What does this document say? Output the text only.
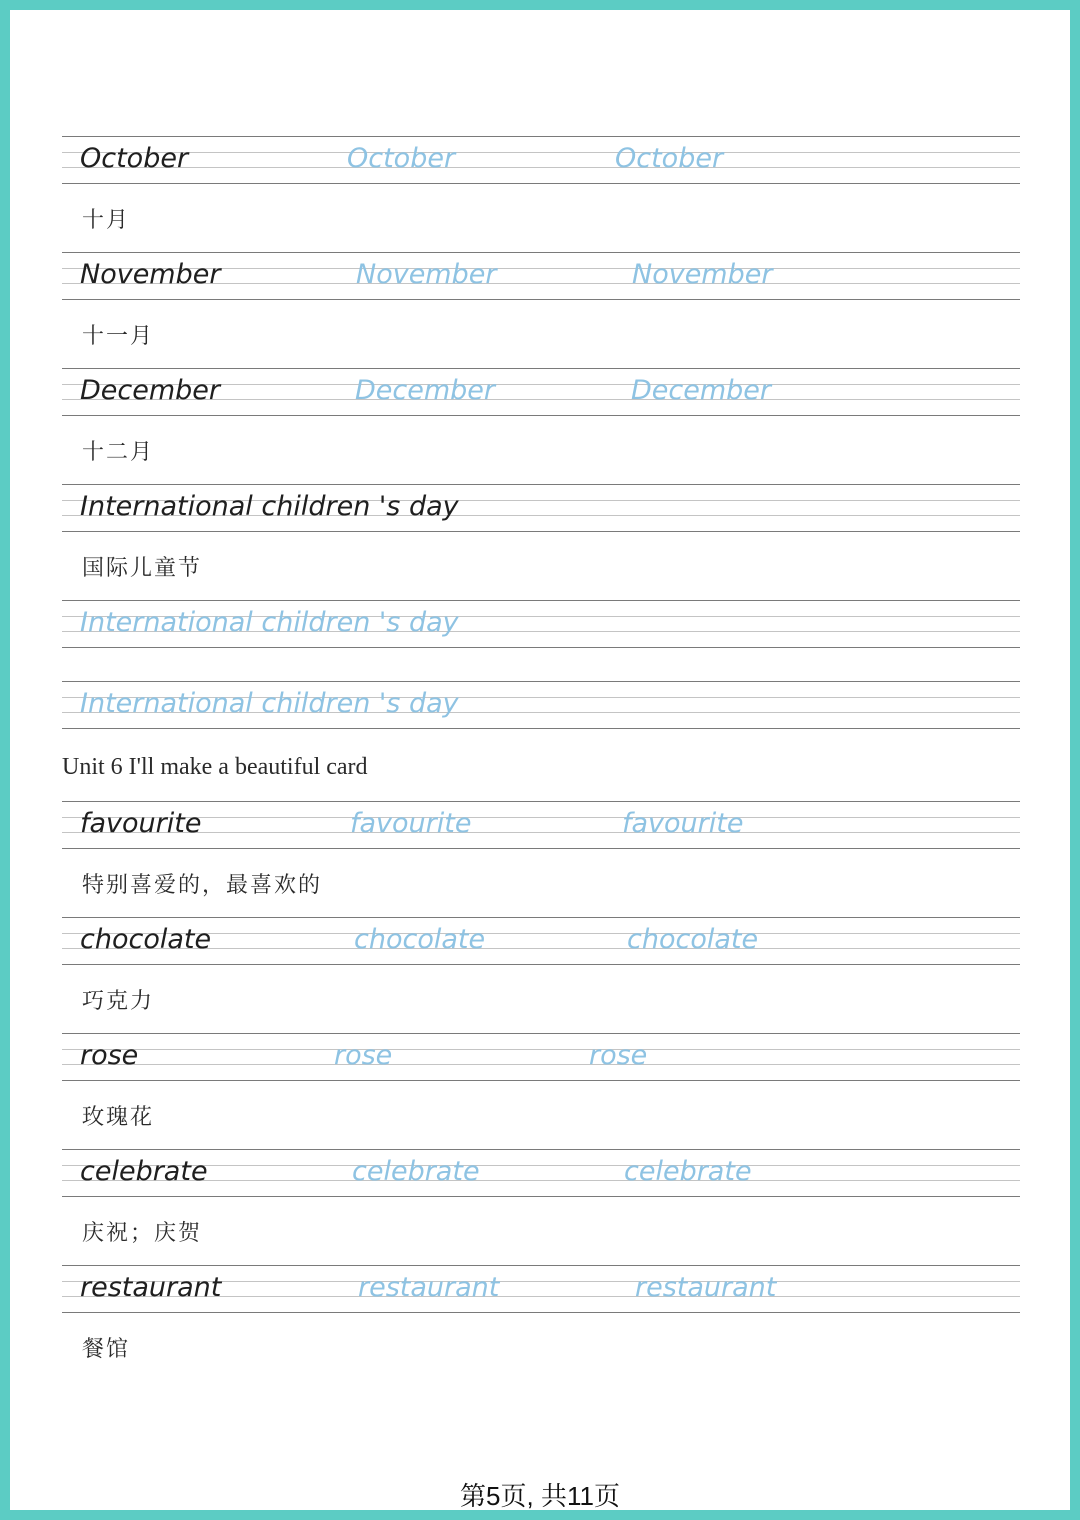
October	October	October
十月
November	November	November
十一月
December	December	December
十二月
International children 's day
国际儿童节
International children 's day
International children 's day
Unit 6 I'll make a beautiful card
favourite	favourite	favourite
特别喜爱的，最喜欢的
chocolate	chocolate	chocolate
巧克力
rose	rose	rose
玫瑰花
celebrate	celebrate	celebrate
庆祝；庆贺
restaurant	restaurant	restaurant
餐馆
第5页, 共11页
